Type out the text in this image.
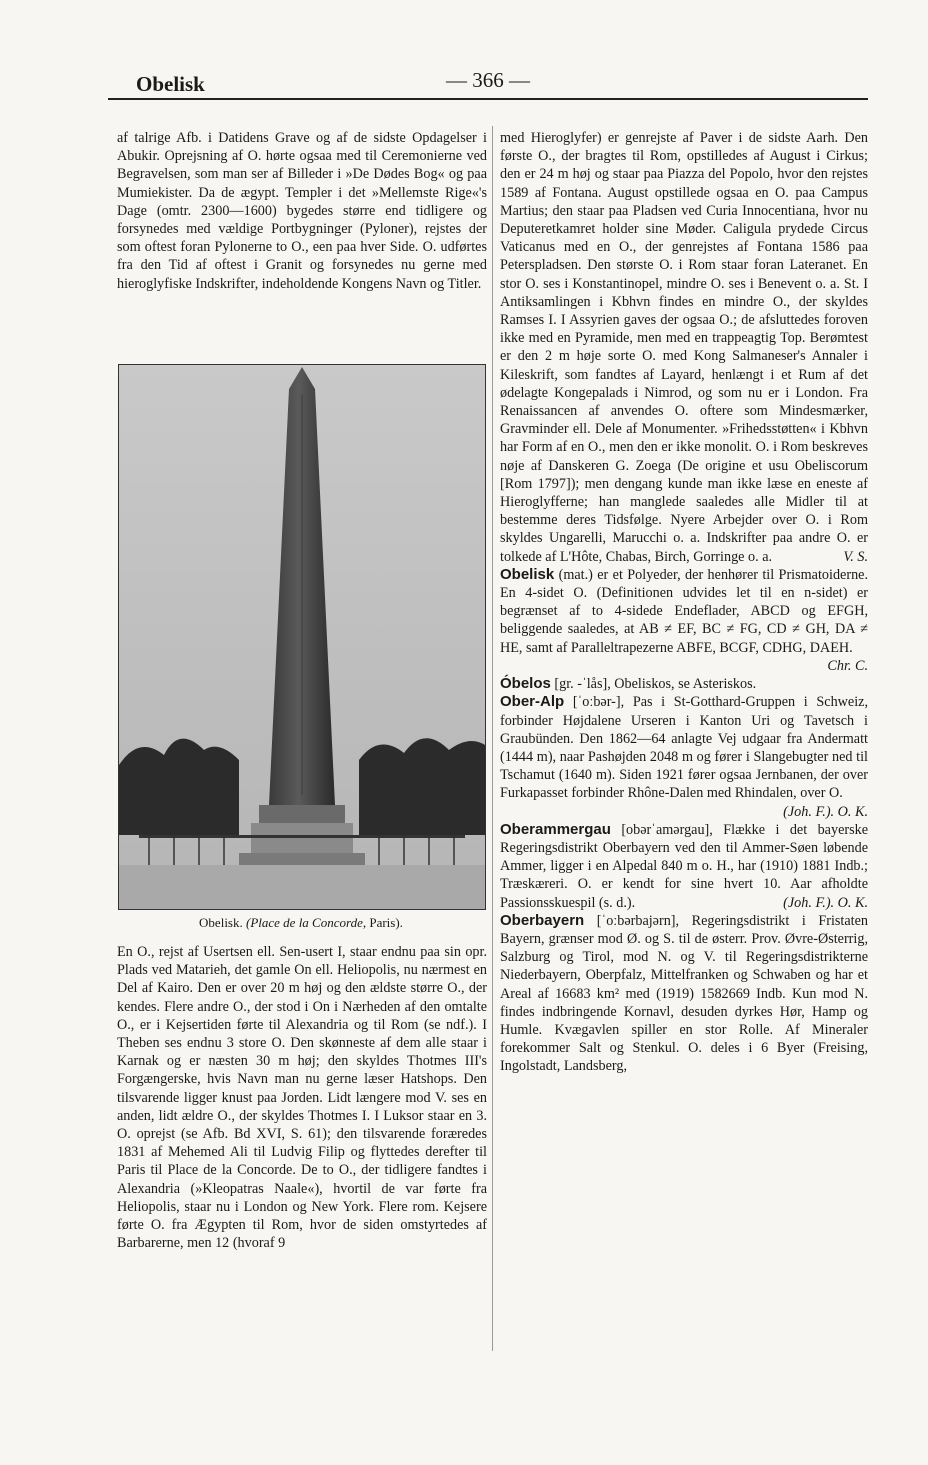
Obelisk	— 366 —

af talrige Afb. i Datidens Grave og af de sidste Opdagelser i Abukir. Oprejsning af O. hørte ogsaa med til Ceremonierne ved Begravelsen, som man ser af Billeder i »De Dødes Bog« og paa Mumiekister. Da de ægypt. Templer i det »Mellemste Rige«'s Dage (omtr. 2300—1600) bygedes større end tidligere og forsynedes med vældige Portbygninger (Pyloner), rejstes der som oftest foran Pylonerne to O., een paa hver Side. O. udførtes fra den Tid af oftest i Granit og forsynedes nu gerne med hieroglyfiske Indskrifter, indeholdende Kongens Navn og Titler.

Obelisk. (Place de la Concorde, Paris).

En O., rejst af Usertsen ell. Sen-usert I, staar endnu paa sin opr. Plads ved Matarieh, det gamle On ell. Heliopolis, nu nærmest en Del af Kairo. Den er over 20 m høj og den ældste større O., der kendes. Flere andre O., der stod i On i Nærheden af den omtalte O., er i Kejsertiden førte til Alexandria og til Rom (se ndf.). I Theben ses endnu 3 store O. Den skønneste af dem alle staar i Karnak og er næsten 30 m høj; den skyldes Thotmes III's Forgængerske, hvis Navn man nu gerne læser Hatshops. Den tilsvarende ligger knust paa Jorden. Lidt længere mod V. ses en anden, lidt ældre O., der skyldes Thotmes I. I Luksor staar en 3. O. oprejst (se Afb. Bd XVI, S. 61); den tilsvarende foræredes 1831 af Mehemed Ali til Ludvig Filip og flyttedes derefter til Paris til Place de la Concorde. De to O., der tidligere fandtes i Alexandria (»Kleopatras Naale«), hvortil de var førte fra Heliopolis, staar nu i London og New York. Flere rom. Kejsere førte O. fra Ægypten til Rom, hvor de siden omstyrtedes af Barbarerne, men 12 (hvoraf 9

med Hieroglyfer) er genrejste af Paver i de sidste Aarh. Den første O., der bragtes til Rom, opstilledes af August i Cirkus; den er 24 m høj og staar paa Piazza del Popolo, hvor den rejstes 1589 af Fontana. August opstillede ogsaa en O. paa Campus Martius; den staar paa Pladsen ved Curia Innocentiana, hvor nu Deputeretkamret holder sine Møder. Caligula prydede Circus Vaticanus med en O., der genrejstes af Fontana 1586 paa Peterspladsen. Den største O. i Rom staar foran Lateranet. En stor O. ses i Konstantinopel, mindre O. ses i Benevent o. a. St. I Antiksamlingen i Kbhvn findes en mindre O., der skyldes Ramses I. I Assyrien gaves der ogsaa O.; de afsluttedes foroven ikke med en Pyramide, men med en trappeagtig Top. Berømtest er den 2 m høje sorte O. med Kong Salmaneser's Annaler i Kileskrift, som fandtes af Layard, henlængt i et Rum af det ødelagte Kongepalads i Nimrod, og som nu er i London. Fra Renaissancen af anvendes O. oftere som Mindesmærker, Gravminder ell. Dele af Monumenter. »Frihedsstøtten« i Kbhvn har Form af en O., men den er ikke monolit. O. i Rom beskreves nøje af Danskeren G. Zoega (De origine et usu Obeliscorum [Rom 1797]); men dengang kunde man ikke læse en eneste af Hieroglyfferne; han manglede saaledes alle Midler til at bestemme deres Tidsfølge. Nyere Arbejder over O. i Rom skyldes Ungarelli, Marucchi o. a. Indskrifter paa andre O. er tolkede af L'Hôte, Chabas, Birch, Gorringe o. a.	V. S.

Obelisk (mat.) er et Polyeder, der henhører til Prismatoiderne. En 4-sidet O. (Definitionen udvides let til en n-sidet) er begrænset af to 4-sidede Endeflader, ABCD og EFGH, beliggende saaledes, at AB ≠ EF, BC ≠ FG, CD ≠ GH, DA ≠ HE, samt af Paralleltrapezerne ABFE, BCGF, CDHG, DAEH.
Chr. C.

Óbelos [gr. -ˈlås], Obeliskos, se Asteriskos.

Ober-Alp [ˈoːbər-], Pas i St-Gotthard-Gruppen i Schweiz, forbinder Højdalene Urseren i Kanton Uri og Tavetsch i Graubünden. Den 1862—64 anlagte Vej udgaar fra Andermatt (1444 m), naar Pashøjden 2048 m og fører i Slangebugter ned til Tschamut (1640 m). Siden 1921 fører ogsaa Jernbanen, der over Furkapasset forbinder Rhône-Dalen med Rhindalen, over O.
(Joh. F.). O. K.

Oberammergau [obərˈamərgau], Flække i det bayerske Regeringsdistrikt Oberbayern ved den til Ammer-Søen løbende Ammer, ligger i en Alpedal 840 m o. H., har (1910) 1881 Indb.; Træskæreri. O. er kendt for sine hvert 10. Aar afholdte Passionsskuespil (s. d.).	(Joh. F.). O. K.

Oberbayern [ˈoːbərbajərn], Regeringsdistrikt i Fristaten Bayern, grænser mod Ø. og S. til de østerr. Prov. Øvre-Østerrig, Salzburg og Tirol, mod N. og V. til Regeringsdistrikterne Niederbayern, Oberpfalz, Mittelfranken og Schwaben og har et Areal af 16683 km² med (1919) 1582669 Indb. Kun mod N. findes indbringende Kornavl, desuden dyrkes Hør, Hamp og Humle. Kvægavlen spiller en stor Rolle. Af Mineraler forekommer Salt og Stenkul. O. deles i 6 Byer (Freising, Ingolstadt, Landsberg,
